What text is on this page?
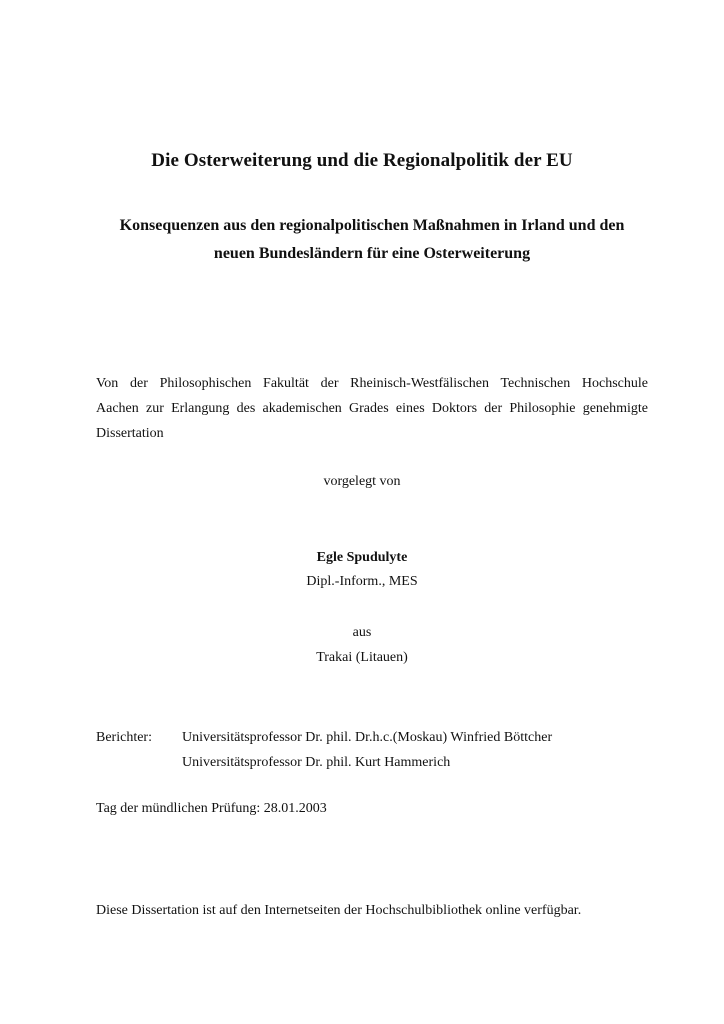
Die Osterweiterung und die Regionalpolitik der EU
Konsequenzen aus den regionalpolitischen Maßnahmen in Irland und den
neuen Bundesländern für eine Osterweiterung
Von der Philosophischen Fakultät der Rheinisch-Westfälischen Technischen Hochschule
Aachen zur Erlangung des akademischen Grades eines Doktors der Philosophie genehmigte
Dissertation
vorgelegt von
Egle Spudulyte
Dipl.-Inform., MES
aus
Trakai (Litauen)
Berichter:	Universitätsprofessor Dr. phil. Dr.h.c.(Moskau) Winfried Böttcher
Universitätsprofessor Dr. phil. Kurt Hammerich
Tag der mündlichen Prüfung: 28.01.2003
Diese Dissertation ist auf den Internetseiten der Hochschulbibliothek online verfügbar.
